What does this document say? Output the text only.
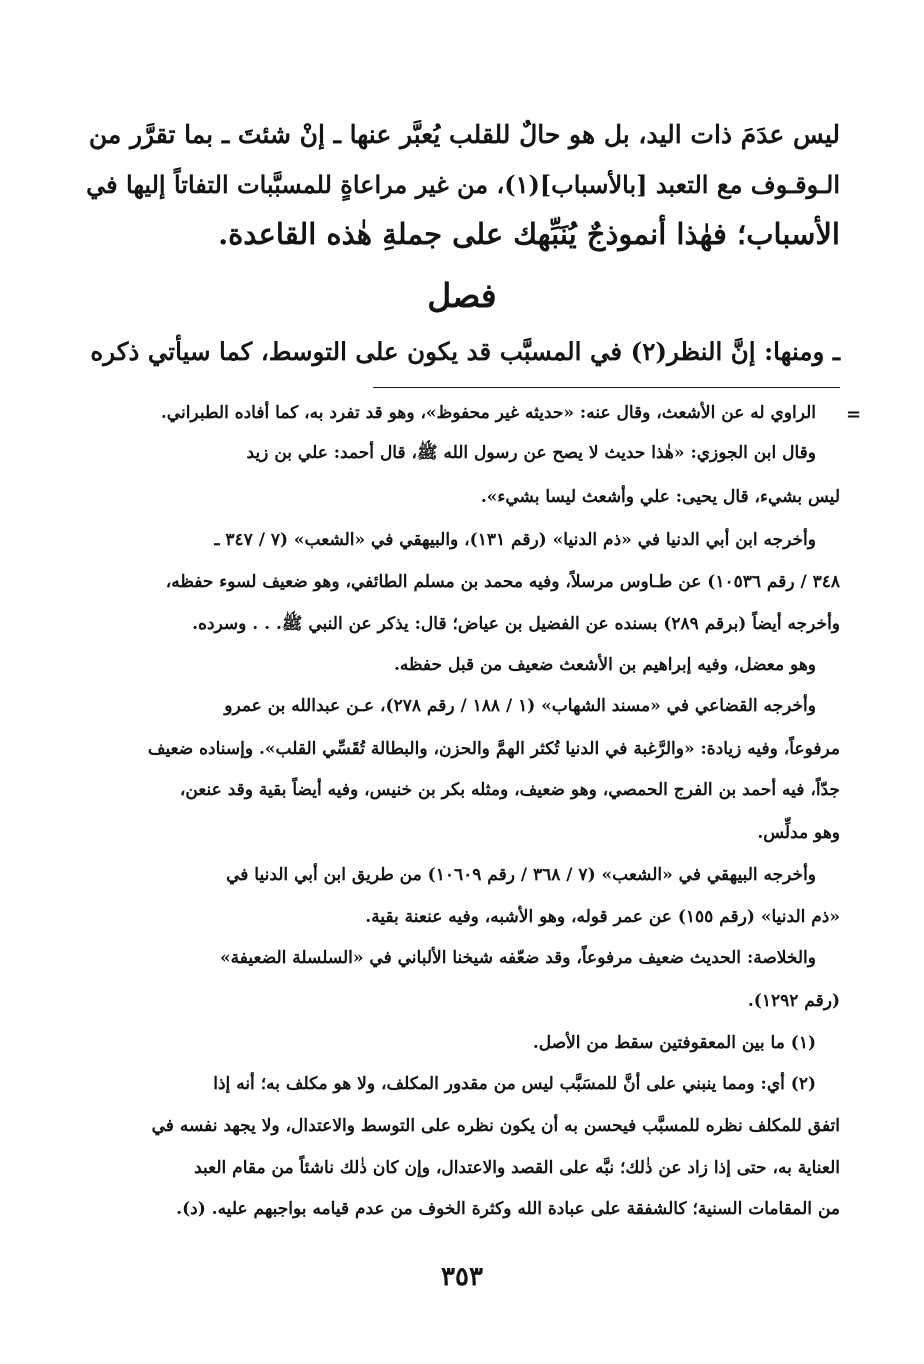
ليس عدَمَ ذات اليد، بل هو حالٌ للقلب يُعبَّر عنها ـ إنْ شئتَ ـ بما تقرَّر من
الـوقـوف مع التعبد [بالأسباب](١)، من غير مراعاةٍ للمسبَّبات التفاتاً إليها في
الأسباب؛ فهٰذا أنموذجٌ يُنَبِّهك على جملةِ هٰذه القاعدة.
فصل
ـ ومنها: إنَّ النظر(٢) في المسبَّب قد يكون على التوسط، كما سيأتي ذكره
=
الراوي له عن الأشعث، وقال عنه: «حديثه غير محفوظ»، وهو قد تفرد به، كما أفاده الطبراني.
وقال ابن الجوزي: «هٰذا حديث لا يصح عن رسول الله ﷺ، قال أحمد: علي بن زيد
ليس بشيء، قال يحيى: علي وأشعث ليسا بشيء».
وأخرجه ابن أبي الدنيا في «ذم الدنيا» (رقم ١٣١)، والبيهقي في «الشعب» (٧ / ٣٤٧ ـ
٣٤٨ / رقم ١٠٥٣٦) عن طـاوس مرسلاً، وفيه محمد بن مسلم الطائفي، وهو ضعيف لسوء حفظه،
وأخرجه أيضاً (برقم ٢٨٩) بسنده عن الفضيل بن عياض؛ قال: يذكر عن النبي ﷺ. . . وسرده.
وهو معضل، وفيه إبراهيم بن الأشعث ضعيف من قبل حفظه.
وأخرجه القضاعي في «مسند الشهاب» (١ / ١٨٨ / رقم ٢٧٨)، عـن عبدالله بن عمرو
مرفوعاً، وفيه زيادة: «والرَّغبة في الدنيا تُكثر الهمَّ والحزن، والبطالة تُقَسِّي القلب». وإسناده ضعيف
جدّاً، فيه أحمد بن الفرج الحمصي، وهو ضعيف، ومثله بكر بن خنيس، وفيه أيضاً بقية وقد عنعن،
وهو مدلِّس.
وأخرجه البيهقي في «الشعب» (٧ / ٣٦٨ / رقم ١٠٦٠٩) من طريق ابن أبي الدنيا في
«ذم الدنيا» (رقم ١٥٥) عن عمر قوله، وهو الأشبه، وفيه عنعنة بقية.
والخلاصة: الحديث ضعيف مرفوعاً، وقد ضعّفه شيخنا الألباني في «السلسلة الضعيفة»
(رقم ١٢٩٢).
(١) ما بين المعقوفتين سقط من الأصل.
(٢) أي: ومما ينبني على أنَّ للمسَبَّب ليس من مقدور المكلف، ولا هو مكلف به؛ أنه إذا
اتفق للمكلف نظره للمسبَّب فيحسن به أن يكون نظره على التوسط والاعتدال، ولا يجهد نفسه في
العناية به، حتى إذا زاد عن ذٰلك؛ نبَّه على القصد والاعتدال، وإن كان ذٰلك ناشئاً من مقام العبد
من المقامات السنية؛ كالشفقة على عبادة الله وكثرة الخوف من عدم قيامه بواجبهم عليه. (د).
٣٥٣
